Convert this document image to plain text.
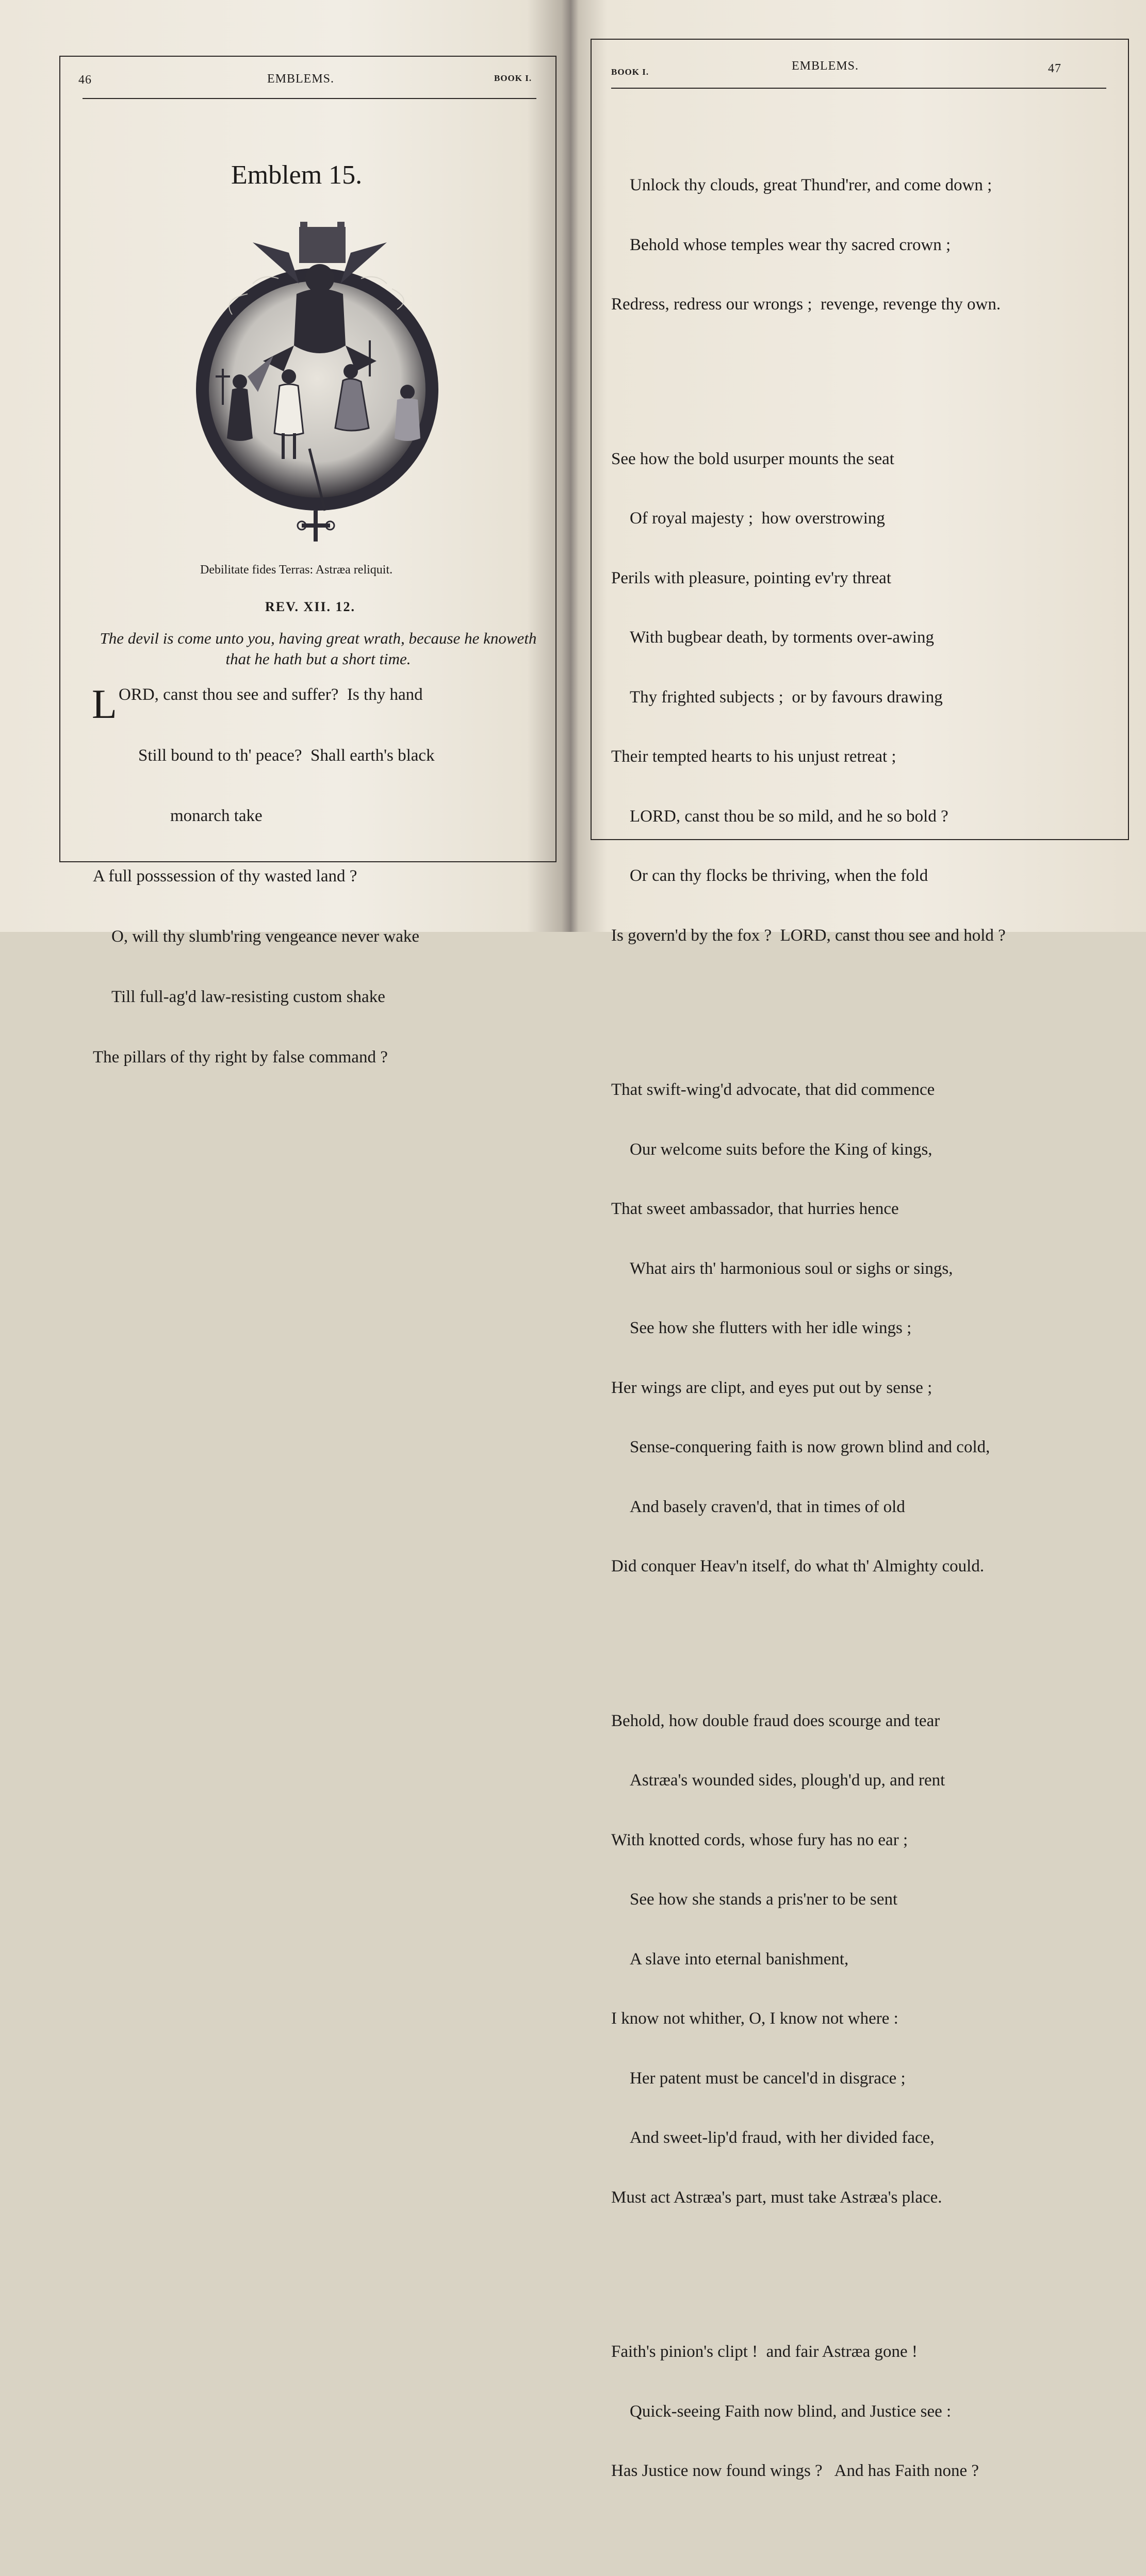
46	EMBLEMS.	BOOK I.
Emblem 15.
Debilitate fides Terras: Astræa reliquit.
REV. XII. 12.
The devil is come unto you, having great wrath, because he knoweth that he hath but a short time.
L ORD, canst thou see and suffer?  Is thy hand

Still bound to th' peace?  Shall earth's black

monarch take

A full posssession of thy wasted land ?

O, will thy slumb'ring vengeance never wake

Till full-ag'd law-resisting custom shake

The pillars of thy right by false command ?

BOOK I.	EMBLEMS.	47

Unlock thy clouds, great Thund'rer, and come down ;

Behold whose temples wear thy sacred crown ;

Redress, redress our wrongs ;  revenge, revenge thy own.

See how the bold usurper mounts the seat

Of royal majesty ;  how overstrowing

Perils with pleasure, pointing ev'ry threat

With bugbear death, by torments over-awing

Thy frighted subjects ;  or by favours drawing

Their tempted hearts to his unjust retreat ;

LORD, canst thou be so mild, and he so bold ?

Or can thy flocks be thriving, when the fold

Is govern'd by the fox ?  LORD, canst thou see and hold ?

That swift-wing'd advocate, that did commence

Our welcome suits before the King of kings,

That sweet ambassador, that hurries hence

What airs th' harmonious soul or sighs or sings,

See how she flutters with her idle wings ;

Her wings are clipt, and eyes put out by sense ;

Sense-conquering faith is now grown blind and cold,

And basely craven'd, that in times of old

Did conquer Heav'n itself, do what th' Almighty could.

Behold, how double fraud does scourge and tear

Astræa's wounded sides, plough'd up, and rent

With knotted cords, whose fury has no ear ;

See how she stands a pris'ner to be sent

A slave into eternal banishment,

I know not whither, O, I know not where :

Her patent must be cancel'd in disgrace ;

And sweet-lip'd fraud, with her divided face,

Must act Astræa's part, must take Astræa's place.

Faith's pinion's clipt !  and fair Astræa gone !

Quick-seeing Faith now blind, and Justice see :

Has Justice now found wings ?   And has Faith none ?
